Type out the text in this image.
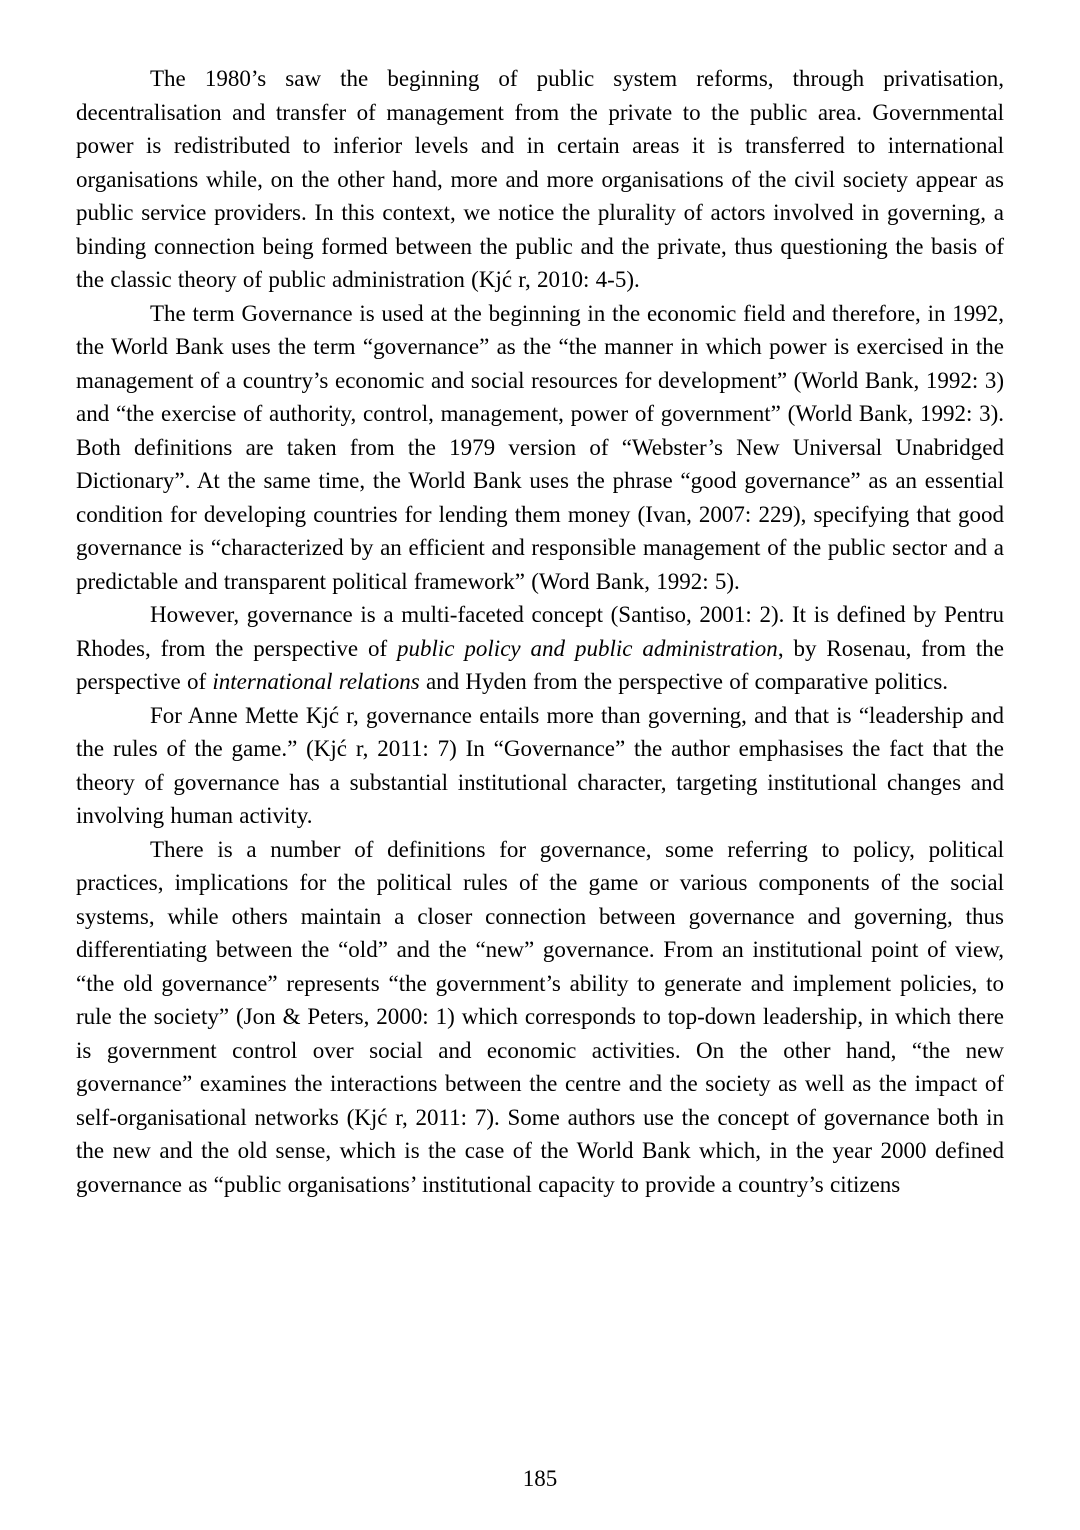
The 1980’s saw the beginning of public system reforms, through privatisation, decentralisation and transfer of management from the private to the public area. Governmental power is redistributed to inferior levels and in certain areas it is transferred to international organisations while, on the other hand, more and more organisations of the civil society appear as public service providers. In this context, we notice the plurality of actors involved in governing, a binding connection being formed between the public and the private, thus questioning the basis of the classic theory of public administration (Kjć r, 2010: 4-5).

The term Governance is used at the beginning in the economic field and therefore, in 1992, the World Bank uses the term “governance” as the “the manner in which power is exercised in the management of a country’s economic and social resources for development” (World Bank, 1992: 3) and “the exercise of authority, control, management, power of government” (World Bank, 1992: 3). Both definitions are taken from the 1979 version of “Webster’s New Universal Unabridged Dictionary”. At the same time, the World Bank uses the phrase “good governance” as an essential condition for developing countries for lending them money (Ivan, 2007: 229), specifying that good governance is “characterized by an efficient and responsible management of the public sector and a predictable and transparent political framework” (Word Bank, 1992: 5).

However, governance is a multi-faceted concept (Santiso, 2001: 2). It is defined by Pentru Rhodes, from the perspective of public policy and public administration, by Rosenau, from the perspective of international relations and Hyden from the perspective of comparative politics.

For Anne Mette Kjć r, governance entails more than governing, and that is “leadership and the rules of the game.” (Kjć r, 2011: 7) In “Governance” the author emphasises the fact that the theory of governance has a substantial institutional character, targeting institutional changes and involving human activity.

There is a number of definitions for governance, some referring to policy, political practices, implications for the political rules of the game or various components of the social systems, while others maintain a closer connection between governance and governing, thus differentiating between the “old” and the “new” governance. From an institutional point of view, “the old governance” represents “the government’s ability to generate and implement policies, to rule the society” (Jon & Peters, 2000: 1) which corresponds to top-down leadership, in which there is government control over social and economic activities. On the other hand, “the new governance” examines the interactions between the centre and the society as well as the impact of self-organisational networks (Kjć r, 2011: 7). Some authors use the concept of governance both in the new and the old sense, which is the case of the World Bank which, in the year 2000 defined governance as “public organisations’ institutional capacity to provide a country’s citizens

185
